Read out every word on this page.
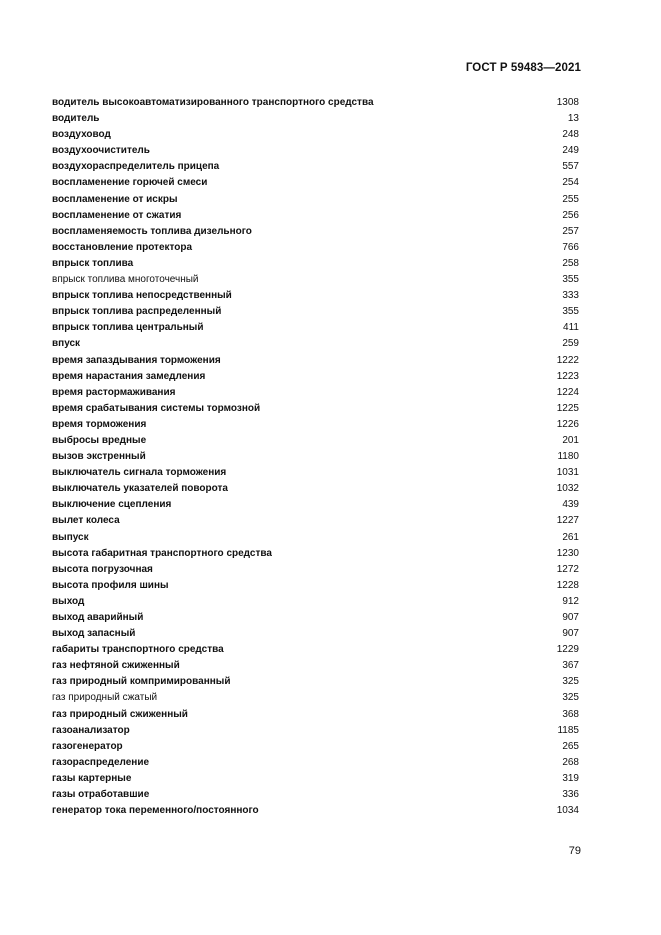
ГОСТ Р 59483—2021
водитель высокоавтоматизированного транспортного средства	1308
водитель	13
воздуховод	248
воздухоочиститель	249
воздухораспределитель прицепа	557
воспламенение горючей смеси	254
воспламенение от искры	255
воспламенение от сжатия	256
воспламеняемость топлива дизельного	257
восстановление протектора	766
впрыск топлива	258
впрыск топлива многоточечный	355
впрыск топлива непосредственный	333
впрыск топлива распределенный	355
впрыск топлива центральный	411
впуск	259
время запаздывания торможения	1222
время нарастания замедления	1223
время растормаживания	1224
время срабатывания системы тормозной	1225
время торможения	1226
выбросы вредные	201
вызов экстренный	1180
выключатель сигнала торможения	1031
выключатель указателей поворота	1032
выключение сцепления	439
вылет колеса	1227
выпуск	261
высота габаритная транспортного средства	1230
высота погрузочная	1272
высота профиля шины	1228
выход	912
выход аварийный	907
выход запасный	907
габариты транспортного средства	1229
газ нефтяной сжиженный	367
газ природный компримированный	325
газ природный сжатый	325
газ природный сжиженный	368
газоанализатор	1185
газогенератор	265
газораспределение	268
газы картерные	319
газы отработавшие	336
генератор тока переменного/постоянного	1034
79
